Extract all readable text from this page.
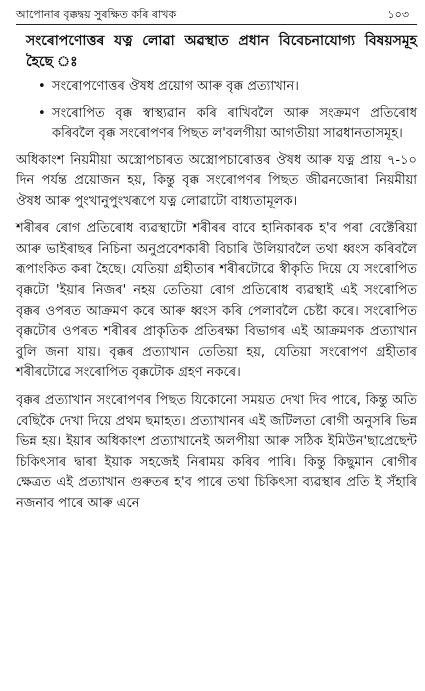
আপোনাৰ বৃক্কদ্বয় সুৰক্ষিত কৰি ৰাখক	১০৩
সংৰোপণোত্তৰ যত্ন লোৱা অৱস্থাত প্ৰধান বিবেচনাযোগ্য বিষয়সমূহ হৈছে ঃ
• সংৰোপণোত্তৰ ঔষধ প্ৰয়োগ আৰু বৃক্ক প্ৰত্যাখান।
• সংৰোপিত বৃক্ক স্বাস্থ্যৱান কৰি ৰাখিবলৈ আৰু সংক্ৰমণ প্ৰতিৰোধ কৰিবলৈ বৃক্ক সংৰোপণৰ পিছত ল'বলগীয়া আগতীয়া সাৱধানতাসমূহ।

অধিকাংশ নিয়মীয়া অস্ত্ৰোপচাৰত অস্ত্ৰোপচাৰোত্তৰ ঔষধ আৰু যত্ন প্ৰায় ৭-১০ দিন পৰ্যন্ত প্ৰয়োজন হয়, কিন্তু বৃক্ক সংৰোপণৰ পিছত জীৱনজোৰা নিয়মীয়া ঔষধ আৰু পুংখানুপুংখৰূপে যত্ন লোৱাটো বাধ্যতামূলক।

শৰীৰৰ ৰোগ প্ৰতিৰোধ ব্যৱস্থাটো শৰীৰৰ বাবে হানিকাৰক হ'ব পৰা বেক্টেৰিয়া আৰু ভাইৰাছৰ নিচিনা অনুপ্ৰবেশকাৰী বিচাৰি উলিয়াবলৈ তথা ধ্বংস কৰিবলৈ ৰূপাংকিত কৰা হৈছে। যেতিয়া গ্ৰহীতাৰ শৰীৰটোৱে স্বীকৃতি দিয়ে যে সংৰোপিত বৃক্কটো 'ইয়াৰ নিজৰ' নহয় তেতিয়া ৰোগ প্ৰতিৰোধ ব্যৱস্থাই এই সংৰোপিত বৃক্কৰ ওপৰত আক্ৰমণ কৰে আৰু ধ্বংস কৰি পেলাবলৈ চেষ্টা কৰে। সংৰোপিত বৃক্কটোৰ ওপৰত শৰীৰৰ প্ৰাকৃতিক প্ৰতিৰক্ষা বিভাগৰ এই আক্ৰমণক প্ৰত্যাখান বুলি জনা যায়। বৃক্কৰ প্ৰত্যাখান তেতিয়া হয়, যেতিয়া সংৰোপণ গ্ৰহীতাৰ শৰীৰটোৱে সংৰোপিত বৃক্কটোক গ্ৰহণ নকৰে।

বৃক্কৰ প্ৰত্যাখান সংৰোপণৰ পিছত যিকোনো সময়ত দেখা দিব পাৰে, কিন্তু অতি বেছিকৈ দেখা দিয়ে প্ৰথম ছমাহত। প্ৰত্যাখানৰ এই জটিলতা ৰোগী অনুসৰি ভিন্ন ভিন্ন হয়। ইয়াৰ অধিকাংশ প্ৰত্যাখানেই অলপীয়া আৰু সঠিক ইমিউন'ছাপ্ৰেছেন্ট চিকিৎসাৰ দ্বাৰা ইয়াক সহজেই নিৰাময় কৰিব পাৰি। কিন্তু কিছুমান ৰোগীৰ ক্ষেত্ৰত এই প্ৰত্যাখান গুৰুতৰ হ'ব পাৰে তথা চিকিৎসা ব্যৱস্থাৰ প্ৰতি ই সঁহাৰি নজনাব পাৰে আৰু এনে
